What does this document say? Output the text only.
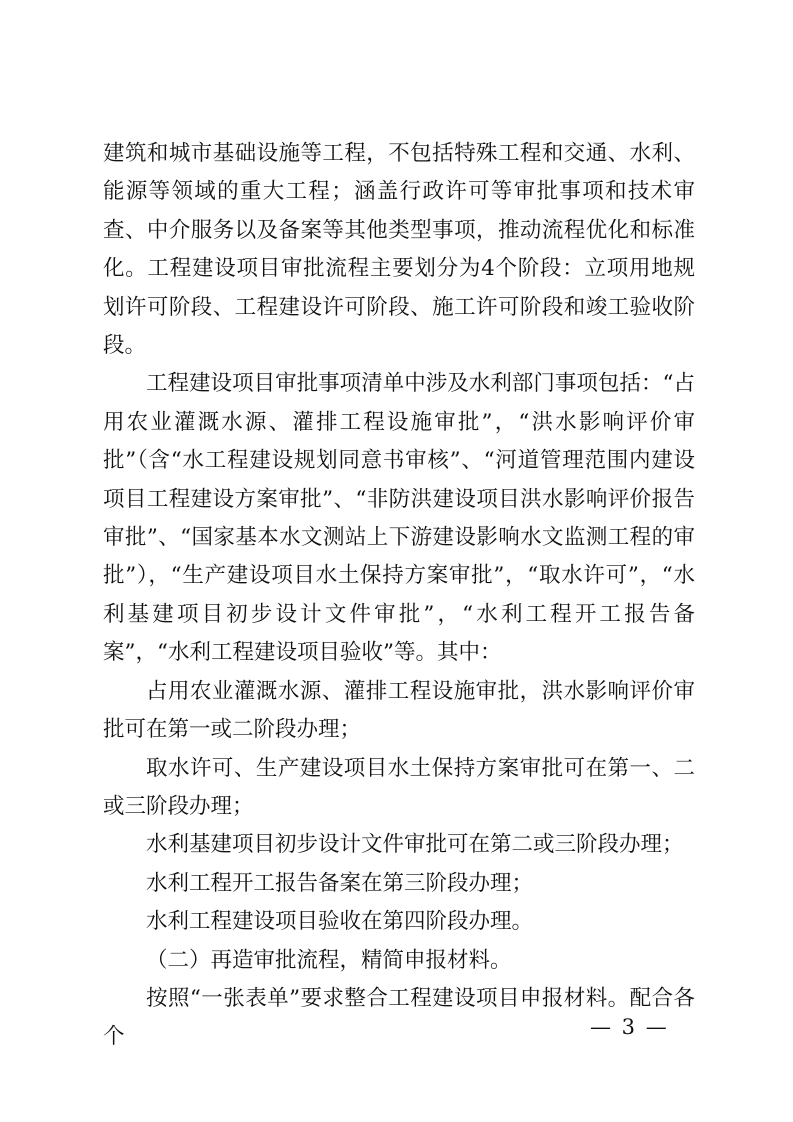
建筑和城市基础设施等工程，不包括特殊工程和交通、水利、能源等领域的重大工程；涵盖行政许可等审批事项和技术审查、中介服务以及备案等其他类型事项，推动流程优化和标准化。工程建设项目审批流程主要划分为4个阶段：立项用地规划许可阶段、工程建设许可阶段、施工许可阶段和竣工验收阶段。

工程建设项目审批事项清单中涉及水利部门事项包括：“占用农业灌溉水源、灌排工程设施审批”，“洪水影响评价审批”（含“水工程建设规划同意书审核”、“河道管理范围内建设项目工程建设方案审批”、“非防洪建设项目洪水影响评价报告审批”、“国家基本水文测站上下游建设影响水文监测工程的审批”），“生产建设项目水土保持方案审批”，“取水许可”，“水利基建项目初步设计文件审批”，“水利工程开工报告备案”，“水利工程建设项目验收”等。其中：

占用农业灌溉水源、灌排工程设施审批，洪水影响评价审批可在第一或二阶段办理；

取水许可、生产建设项目水土保持方案审批可在第一、二或三阶段办理；

水利基建项目初步设计文件审批可在第二或三阶段办理；

水利工程开工报告备案在第三阶段办理；

水利工程建设项目验收在第四阶段办理。

（二）再造审批流程，精简申报材料。

按照“一张表单”要求整合工程建设项目申报材料。配合各个	— 3 —
